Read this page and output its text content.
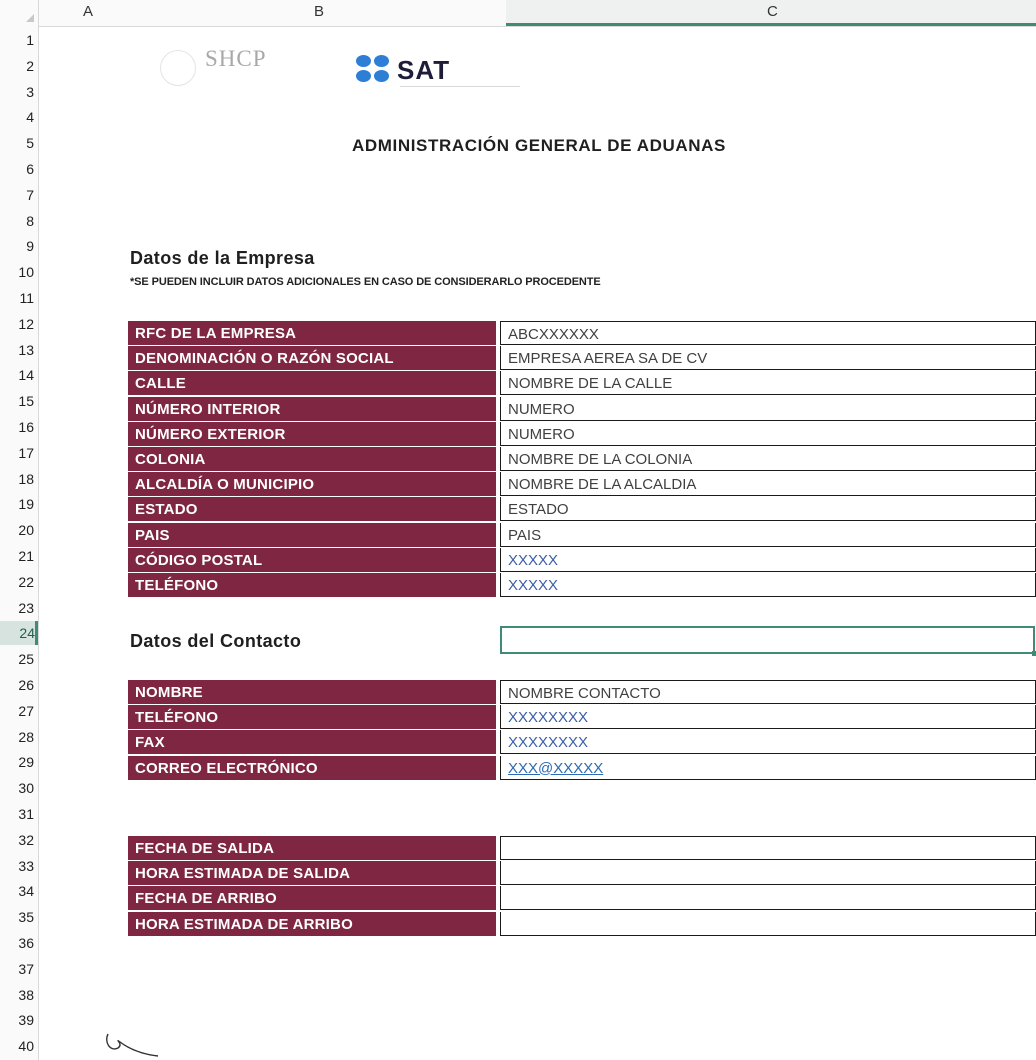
A	B	C
1
2
3
4
5
6
7
8
9
10
11
12
13
14
15
16
17
18
19
20
21
22
23
24
25
26
27
28
29
30
31
32
33
34
35
36
37
38
39
40
SHCP	SAT
ADMINISTRACIÓN GENERAL DE ADUANAS
Datos de la Empresa
*SE PUEDEN INCLUIR DATOS ADICIONALES EN CASO DE CONSIDERARLO PROCEDENTE
RFC DE LA EMPRESA	ABCXXXXXX
DENOMINACIÓN O RAZÓN SOCIAL	EMPRESA AEREA SA DE CV
CALLE	NOMBRE DE LA CALLE
NÚMERO INTERIOR	NUMERO
NÚMERO EXTERIOR	NUMERO
COLONIA	NOMBRE DE LA COLONIA
ALCALDÍA O MUNICIPIO	NOMBRE DE LA ALCALDIA
ESTADO	ESTADO
PAIS	PAIS
CÓDIGO POSTAL	XXXXX
TELÉFONO	XXXXX
Datos del Contacto
NOMBRE	NOMBRE CONTACTO
TELÉFONO	XXXXXXXX
FAX	XXXXXXXX
CORREO ELECTRÓNICO	XXX@XXXXX
FECHA DE SALIDA
HORA ESTIMADA DE SALIDA
FECHA DE ARRIBO
HORA ESTIMADA DE ARRIBO
